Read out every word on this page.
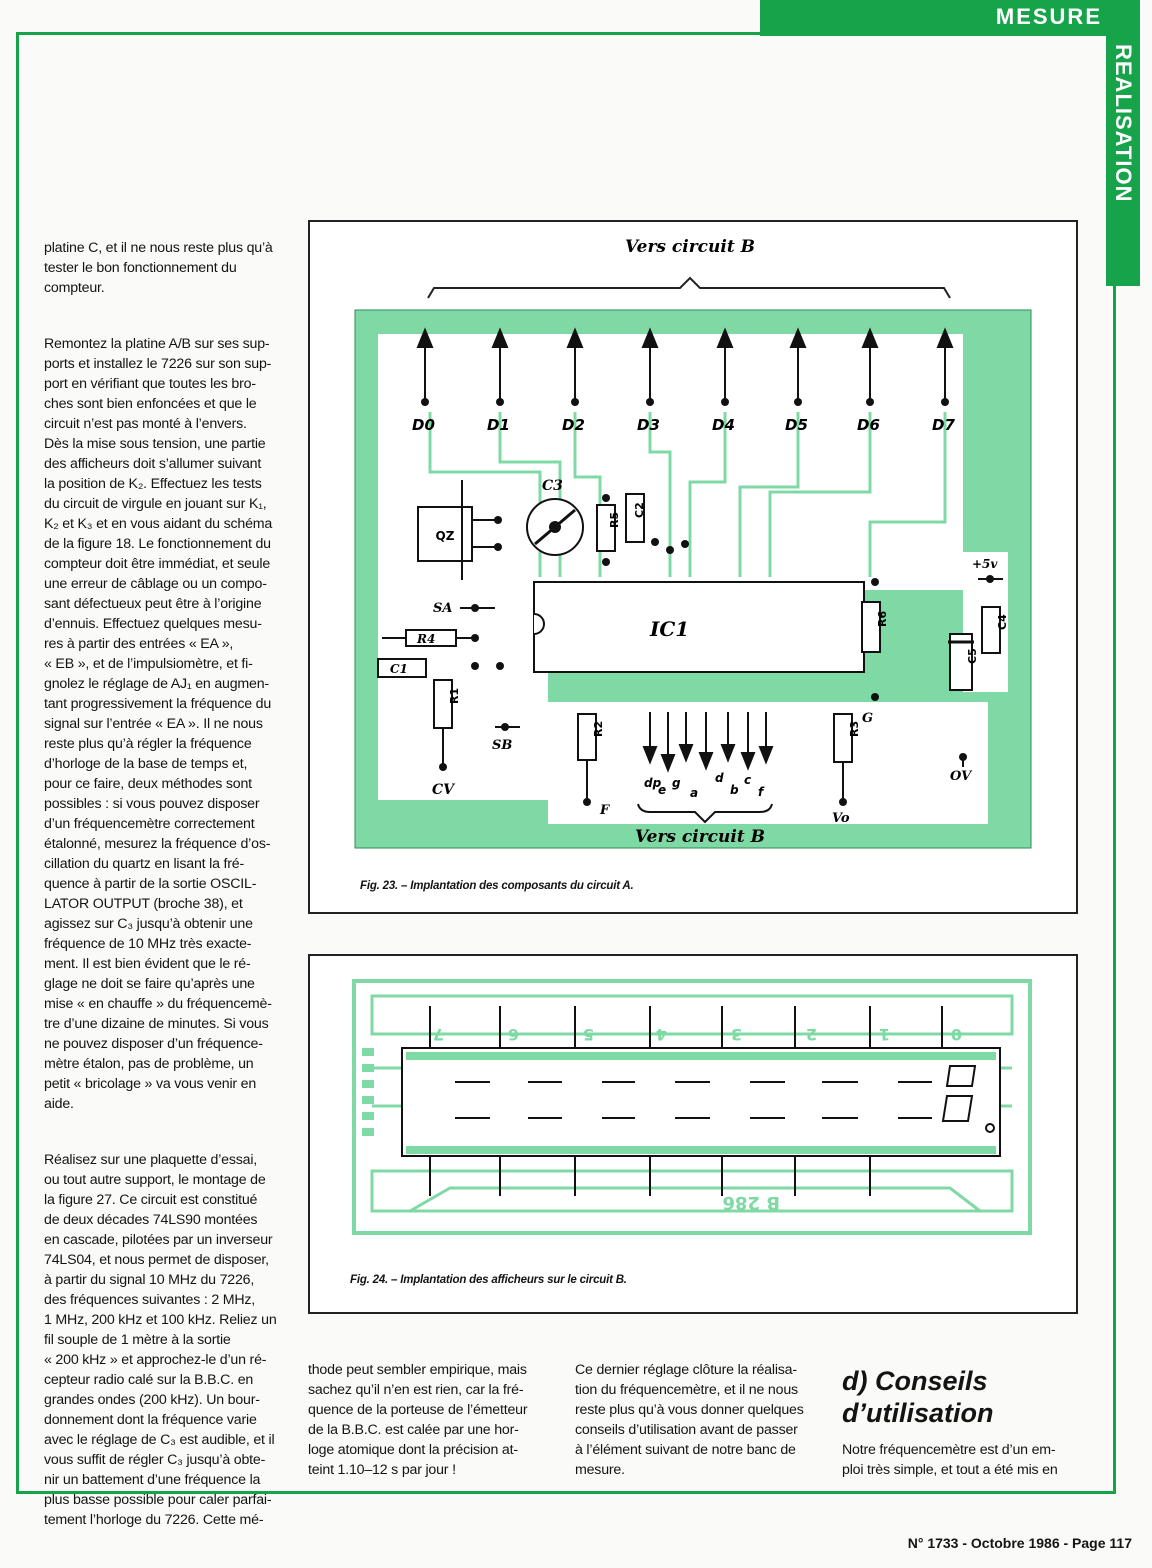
MESURE
REALISATION

platine C, et il ne nous reste plus qu’à
tester le bon fonctionnement du
compteur.

Remontez la platine A/B sur ses sup-
ports et installez le 7226 sur son sup-
port en vérifiant que toutes les bro-
ches sont bien enfoncées et que le
circuit n’est pas monté à l’envers.
Dès la mise sous tension, une partie
des afficheurs doit s’allumer suivant
la position de K₂. Effectuez les tests
du circuit de virgule en jouant sur K₁,
K₂ et K₃ et en vous aidant du schéma
de la figure 18. Le fonctionnement du
compteur doit être immédiat, et seule
une erreur de câblage ou un compo-
sant défectueux peut être à l’origine
d’ennuis. Effectuez quelques mesu-
res à partir des entrées « EA »,
« EB », et de l’impulsiomètre, et fi-
gnolez le réglage de AJ₁ en augmen-
tant progressivement la fréquence du
signal sur l’entrée « EA ». Il ne nous
reste plus qu’à régler la fréquence
d’horloge de la base de temps et,
pour ce faire, deux méthodes sont
possibles : si vous pouvez disposer
d’un fréquencemètre correctement
étalonné, mesurez la fréquence d’os-
cillation du quartz en lisant la fré-
quence à partir de la sortie OSCIL-
LATOR OUTPUT (broche 38), et
agissez sur C₃ jusqu’à obtenir une
fréquence de 10 MHz très exacte-
ment. Il est bien évident que le ré-
glage ne doit se faire qu’après une
mise « en chauffe » du fréquencemè-
tre d’une dizaine de minutes. Si vous
ne pouvez disposer d’un fréquence-
mètre étalon, pas de problème, un
petit « bricolage » va vous venir en
aide.

Réalisez sur une plaquette d’essai,
ou tout autre support, le montage de
la figure 27. Ce circuit est constitué
de deux décades 74LS90 montées
en cascade, pilotées par un inverseur
74LS04, et nous permet de disposer,
à partir du signal 10 MHz du 7226,
des fréquences suivantes : 2 MHz,
1 MHz, 200 kHz et 100 kHz. Reliez un
fil souple de 1 mètre à la sortie
« 200 kHz » et approchez-le d’un ré-
cepteur radio calé sur la B.B.C. en
grandes ondes (200 kHz). Un bour-
donnement dont la fréquence varie
avec le réglage de C₃ est audible, et il
vous suffit de régler C₃ jusqu’à obte-
nir un battement d’une fréquence la
plus basse possible pour caler parfai-
tement l’horloge du 7226. Cette mé-

Vers circuit B
D0	D1	D2	D3	D4	D5	D6	D7
QZ
C3
R5
C2
IC1	R6	C4
C5
+5v
SA
R4
C1
R1
CV
SB
R2
F
dp
e g
a
d
b
c
f
Vers circuit B
R3
Vo
G
OV
Fig. 23. – Implantation des composants du circuit A.
7	6	5	4	3	2	1	0
B 286
Fig. 24. – Implantation des afficheurs sur le circuit B.
thode peut sembler empirique, mais
sachez qu’il n’en est rien, car la fré-
quence de la porteuse de l’émetteur
de la B.B.C. est calée par une hor-
loge atomique dont la précision at-
teint 1.10–12 s par jour !
Ce dernier réglage clôture la réalisa-
tion du fréquencemètre, et il ne nous
reste plus qu’à vous donner quelques
conseils d’utilisation avant de passer
à l’élément suivant de notre banc de
mesure.
d) Conseils
d’utilisation
Notre fréquencemètre est d’un em-
ploi très simple, et tout a été mis en
N° 1733 - Octobre 1986 - Page 117
